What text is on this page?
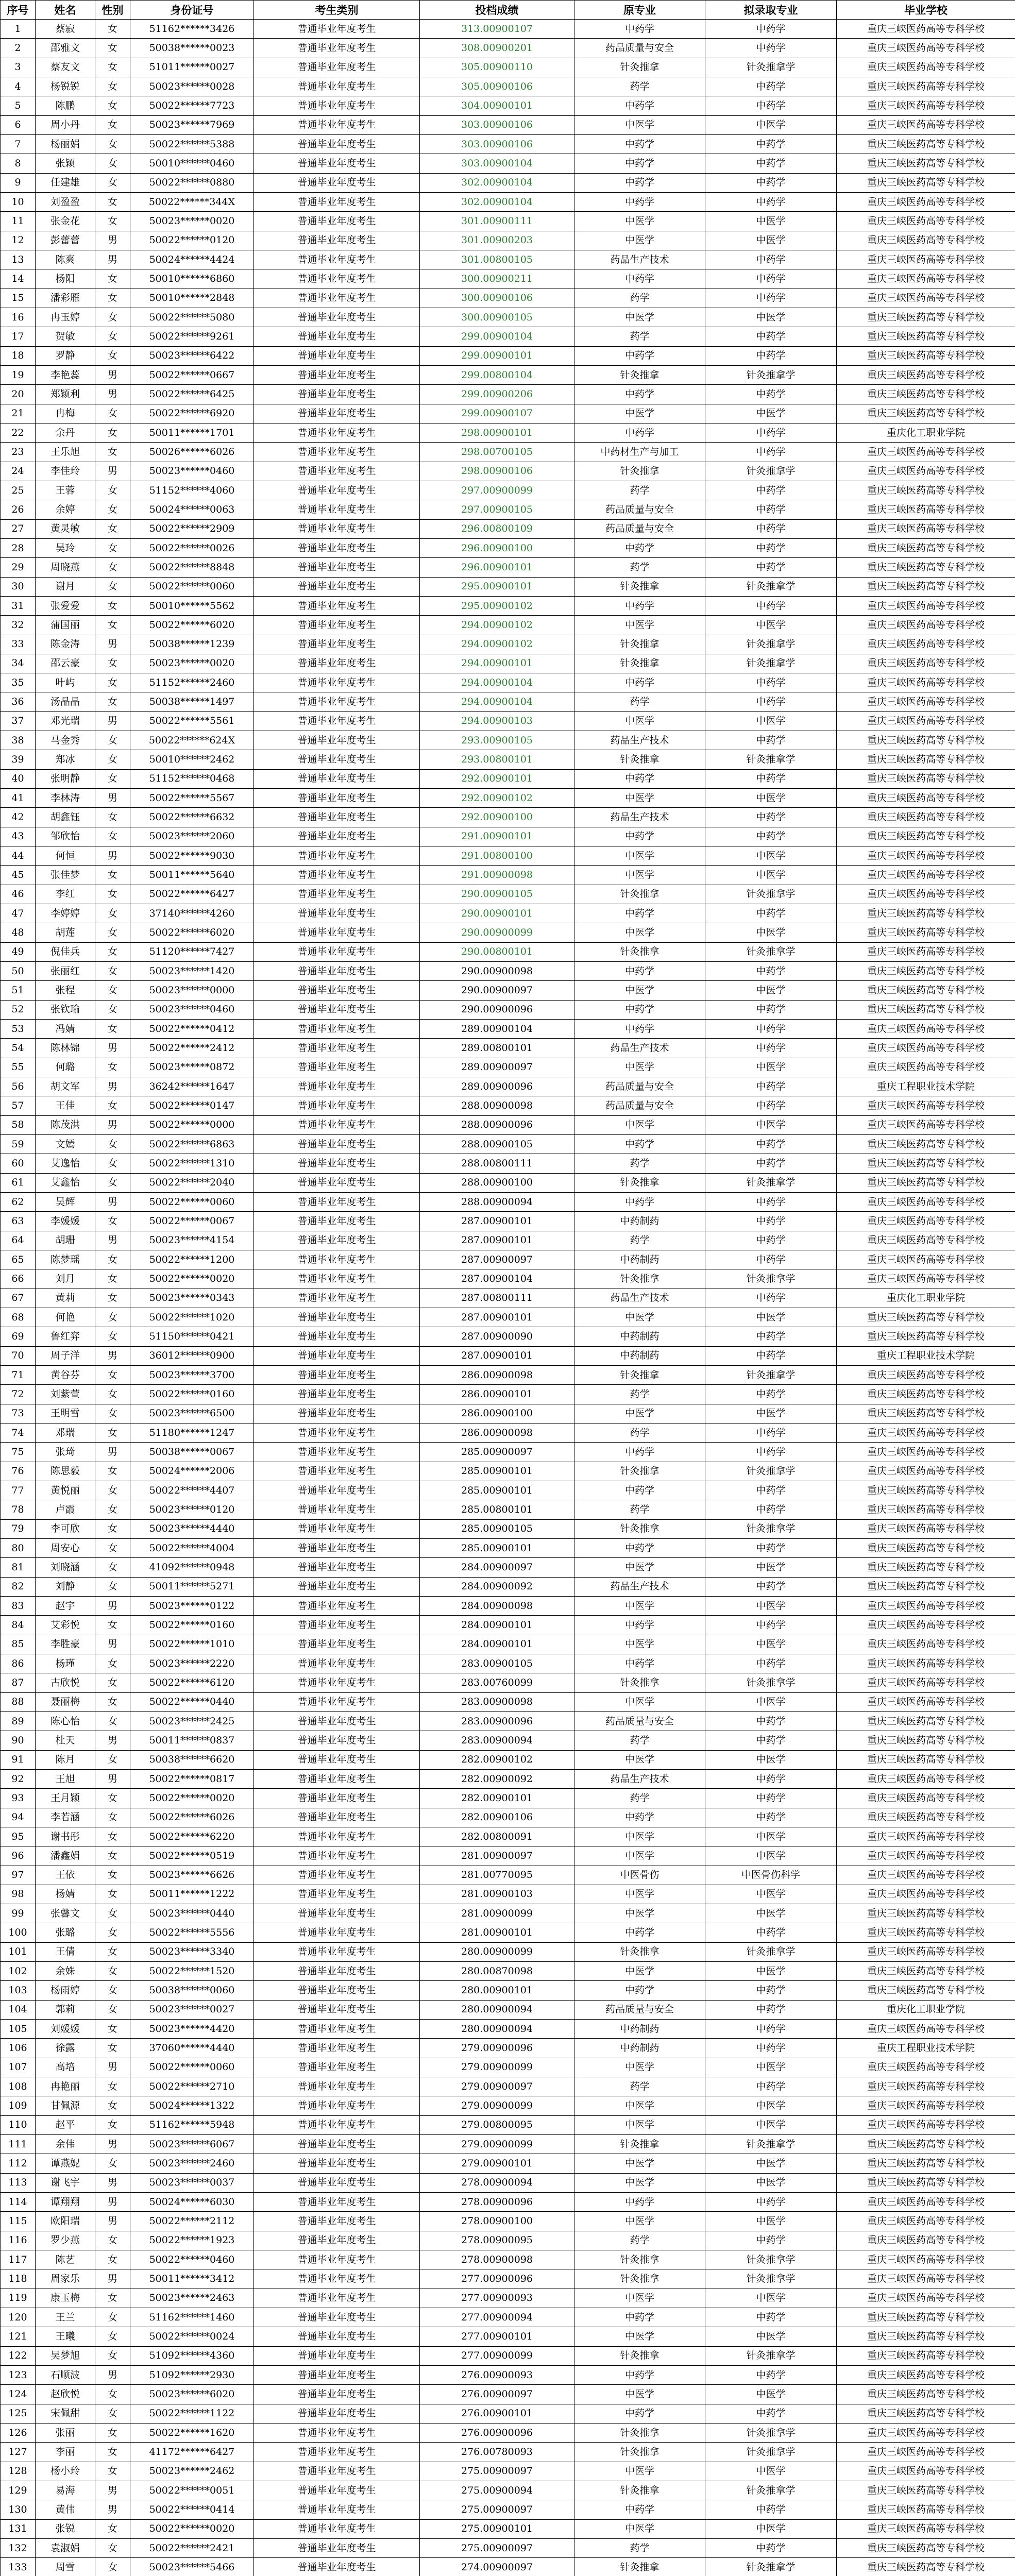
序号	姓名	性别	身份证号	考生类别	投档成绩	原专业	拟录取专业	毕业学校
1	蔡寂	女	51162******3426	普通毕业年度考生	313.00900107	中药学	中药学	重庆三峡医药高等专科学校
2	邵雅文	女	50038******0023	普通毕业年度考生	308.00900201	药品质量与安全	中药学	重庆三峡医药高等专科学校
3	蔡友文	女	51011******0027	普通毕业年度考生	305.00900110	针灸推拿	针灸推拿学	重庆三峡医药高等专科学校
4	杨锐锐	女	50023******0028	普通毕业年度考生	305.00900106	药学	中药学	重庆三峡医药高等专科学校
5	陈鹏	女	50022******7723	普通毕业年度考生	304.00900101	中药学	中药学	重庆三峡医药高等专科学校
6	周小丹	女	50023******7969	普通毕业年度考生	303.00900106	中医学	中医学	重庆三峡医药高等专科学校
7	杨丽娟	女	50022******5388	普通毕业年度考生	303.00900106	中药学	中药学	重庆三峡医药高等专科学校
8	张颖	女	50010******0460	普通毕业年度考生	303.00900104	中药学	中药学	重庆三峡医药高等专科学校
9	任建雄	女	50022******0880	普通毕业年度考生	302.00900104	中药学	中药学	重庆三峡医药高等专科学校
10	刘盈盈	女	50022******344X	普通毕业年度考生	302.00900104	中药学	中药学	重庆三峡医药高等专科学校
11	张金花	女	50023******0020	普通毕业年度考生	301.00900111	中医学	中医学	重庆三峡医药高等专科学校
12	彭蕾蕾	男	50022******0120	普通毕业年度考生	301.00900203	中医学	中医学	重庆三峡医药高等专科学校
13	陈爽	男	50024******4424	普通毕业年度考生	301.00800105	药品生产技术	中药学	重庆三峡医药高等专科学校
14	杨阳	女	50010******6860	普通毕业年度考生	300.00900211	中药学	中药学	重庆三峡医药高等专科学校
15	潘彩雁	女	50010******2848	普通毕业年度考生	300.00900106	药学	中药学	重庆三峡医药高等专科学校
16	冉玉婷	女	50022******5080	普通毕业年度考生	300.00900105	中医学	中医学	重庆三峡医药高等专科学校
17	贺敏	女	50022******9261	普通毕业年度考生	299.00900104	药学	中药学	重庆三峡医药高等专科学校
18	罗静	女	50023******6422	普通毕业年度考生	299.00900101	中药学	中药学	重庆三峡医药高等专科学校
19	李艳蕊	男	50022******0667	普通毕业年度考生	299.00800104	针灸推拿	针灸推拿学	重庆三峡医药高等专科学校
20	郑颖利	男	50022******6425	普通毕业年度考生	299.00900206	中药学	中药学	重庆三峡医药高等专科学校
21	冉梅	女	50022******6920	普通毕业年度考生	299.00900107	中医学	中医学	重庆三峡医药高等专科学校
22	余丹	女	50011******1701	普通毕业年度考生	298.00900101	中药学	中药学	重庆化工职业学院
23	王乐旭	女	50026******6026	普通毕业年度考生	298.00700105	中药材生产与加工	中药学	重庆三峡医药高等专科学校
24	李佳玲	男	50023******0460	普通毕业年度考生	298.00900106	针灸推拿	针灸推拿学	重庆三峡医药高等专科学校
25	王蓉	女	51152******4060	普通毕业年度考生	297.00900099	药学	中药学	重庆三峡医药高等专科学校
26	余婷	女	50024******0063	普通毕业年度考生	297.00900105	药品质量与安全	中药学	重庆三峡医药高等专科学校
27	黄灵敏	女	50022******2909	普通毕业年度考生	296.00800109	药品质量与安全	中药学	重庆三峡医药高等专科学校
28	吴玲	女	50022******0026	普通毕业年度考生	296.00900100	中药学	中药学	重庆三峡医药高等专科学校
29	周晓燕	女	50022******8848	普通毕业年度考生	296.00900101	药学	中药学	重庆三峡医药高等专科学校
30	谢月	女	50022******0060	普通毕业年度考生	295.00900101	针灸推拿	针灸推拿学	重庆三峡医药高等专科学校
31	张爱爱	女	50010******5562	普通毕业年度考生	295.00900102	中药学	中药学	重庆三峡医药高等专科学校
32	蒲国丽	女	50022******6020	普通毕业年度考生	294.00900102	中医学	中医学	重庆三峡医药高等专科学校
33	陈金涛	男	50038******1239	普通毕业年度考生	294.00900102	针灸推拿	针灸推拿学	重庆三峡医药高等专科学校
34	邵云豪	女	50023******0020	普通毕业年度考生	294.00900101	针灸推拿	针灸推拿学	重庆三峡医药高等专科学校
35	叶屿	女	51152******2460	普通毕业年度考生	294.00900104	中药学	中药学	重庆三峡医药高等专科学校
36	汤晶晶	女	50038******1497	普通毕业年度考生	294.00900104	药学	中药学	重庆三峡医药高等专科学校
37	邓光瑞	男	50022******5561	普通毕业年度考生	294.00900103	中医学	中医学	重庆三峡医药高等专科学校
38	马金秀	女	50022******624X	普通毕业年度考生	293.00900105	药品生产技术	中药学	重庆三峡医药高等专科学校
39	郑冰	女	50010******2462	普通毕业年度考生	293.00800101	针灸推拿	针灸推拿学	重庆三峡医药高等专科学校
40	张明静	女	51152******0468	普通毕业年度考生	292.00900101	中药学	中药学	重庆三峡医药高等专科学校
41	李林涛	男	50022******5567	普通毕业年度考生	292.00900102	中医学	中医学	重庆三峡医药高等专科学校
42	胡鑫钰	女	50022******6632	普通毕业年度考生	292.00900100	药品生产技术	中药学	重庆三峡医药高等专科学校
43	邹欣怡	女	50023******2060	普通毕业年度考生	291.00900101	中药学	中药学	重庆三峡医药高等专科学校
44	何恒	男	50022******9030	普通毕业年度考生	291.00800100	中医学	中医学	重庆三峡医药高等专科学校
45	张佳梦	女	50011******5640	普通毕业年度考生	291.00900098	中医学	中医学	重庆三峡医药高等专科学校
46	李红	女	50022******6427	普通毕业年度考生	290.00900105	针灸推拿	针灸推拿学	重庆三峡医药高等专科学校
47	李婷婷	女	37140******4260	普通毕业年度考生	290.00900101	中药学	中药学	重庆三峡医药高等专科学校
48	胡莲	女	50022******6020	普通毕业年度考生	290.00900099	中医学	中医学	重庆三峡医药高等专科学校
49	倪佳兵	女	51120******7427	普通毕业年度考生	290.00800101	针灸推拿	针灸推拿学	重庆三峡医药高等专科学校
50	张丽红	女	50023******1420	普通毕业年度考生	290.00900098	中药学	中药学	重庆三峡医药高等专科学校
51	张程	女	50023******0000	普通毕业年度考生	290.00900097	中医学	中医学	重庆三峡医药高等专科学校
52	张钦瑜	女	50023******0460	普通毕业年度考生	290.00900096	中药学	中药学	重庆三峡医药高等专科学校
53	冯婧	女	50022******0412	普通毕业年度考生	289.00900104	中药学	中药学	重庆三峡医药高等专科学校
54	陈林锦	男	50022******2412	普通毕业年度考生	289.00800101	药品生产技术	中药学	重庆三峡医药高等专科学校
55	何璐	女	50023******0872	普通毕业年度考生	289.00900097	中医学	中医学	重庆三峡医药高等专科学校
56	胡文军	男	36242******1647	普通毕业年度考生	289.00900096	药品质量与安全	中药学	重庆工程职业技术学院
57	王佳	女	50022******0147	普通毕业年度考生	288.00900098	药品质量与安全	中药学	重庆三峡医药高等专科学校
58	陈茂洪	男	50022******0000	普通毕业年度考生	288.00900096	中医学	中医学	重庆三峡医药高等专科学校
59	文嫣	女	50022******6863	普通毕业年度考生	288.00900105	中药学	中药学	重庆三峡医药高等专科学校
60	艾逸怡	女	50022******1310	普通毕业年度考生	288.00800111	药学	中药学	重庆三峡医药高等专科学校
61	艾鑫怡	女	50022******2040	普通毕业年度考生	288.00900100	针灸推拿	针灸推拿学	重庆三峡医药高等专科学校
62	吴辉	男	50022******0060	普通毕业年度考生	288.00900094	中药学	中药学	重庆三峡医药高等专科学校
63	李媛媛	女	50022******0067	普通毕业年度考生	287.00900101	中药制药	中药学	重庆三峡医药高等专科学校
64	胡珊	男	50023******4154	普通毕业年度考生	287.00900101	药学	中药学	重庆三峡医药高等专科学校
65	陈梦瑶	女	50022******1200	普通毕业年度考生	287.00900097	中药制药	中药学	重庆三峡医药高等专科学校
66	刘月	女	50022******0020	普通毕业年度考生	287.00900104	针灸推拿	针灸推拿学	重庆三峡医药高等专科学校
67	黄莉	女	50023******0343	普通毕业年度考生	287.00800111	药品生产技术	中药学	重庆化工职业学院
68	何艳	女	50022******1020	普通毕业年度考生	287.00900101	中医学	中医学	重庆三峡医药高等专科学校
69	鲁红弈	女	51150******0421	普通毕业年度考生	287.00900090	中药制药	中药学	重庆三峡医药高等专科学校
70	周子洋	男	36012******0900	普通毕业年度考生	287.00900101	中药制药	中药学	重庆工程职业技术学院
71	黄谷芬	女	50023******3700	普通毕业年度考生	286.00900098	针灸推拿	针灸推拿学	重庆三峡医药高等专科学校
72	刘紫萱	女	50022******0160	普通毕业年度考生	286.00900101	药学	中药学	重庆三峡医药高等专科学校
73	王明雪	女	50023******6500	普通毕业年度考生	286.00900100	中医学	中医学	重庆三峡医药高等专科学校
74	邓瑞	女	51180******1247	普通毕业年度考生	286.00900098	药学	中药学	重庆三峡医药高等专科学校
75	张琦	男	50038******0067	普通毕业年度考生	285.00900097	中药学	中药学	重庆三峡医药高等专科学校
76	陈思毅	女	50024******2006	普通毕业年度考生	285.00900101	针灸推拿	针灸推拿学	重庆三峡医药高等专科学校
77	黄悦丽	女	50022******4407	普通毕业年度考生	285.00900101	中药学	中药学	重庆三峡医药高等专科学校
78	卢霞	女	50023******0120	普通毕业年度考生	285.00800101	药学	中药学	重庆三峡医药高等专科学校
79	李可欣	女	50023******4440	普通毕业年度考生	285.00900105	针灸推拿	针灸推拿学	重庆三峡医药高等专科学校
80	周安心	女	50022******4004	普通毕业年度考生	285.00900101	中药学	中药学	重庆三峡医药高等专科学校
81	刘晓涵	女	41092******0948	普通毕业年度考生	284.00900097	中医学	中医学	重庆三峡医药高等专科学校
82	刘静	女	50011******5271	普通毕业年度考生	284.00900092	药品生产技术	中药学	重庆三峡医药高等专科学校
83	赵宇	男	50023******0122	普通毕业年度考生	284.00900098	中医学	中医学	重庆三峡医药高等专科学校
84	艾彩悦	女	50022******0160	普通毕业年度考生	284.00900101	中药学	中药学	重庆三峡医药高等专科学校
85	李胜豪	男	50022******1010	普通毕业年度考生	284.00900101	中医学	中医学	重庆三峡医药高等专科学校
86	杨瑾	女	50023******2220	普通毕业年度考生	283.00900105	中药学	中药学	重庆三峡医药高等专科学校
87	古欣悦	女	50022******6120	普通毕业年度考生	283.00760099	针灸推拿	针灸推拿学	重庆三峡医药高等专科学校
88	聂丽梅	女	50022******0440	普通毕业年度考生	283.00900098	中医学	中医学	重庆三峡医药高等专科学校
89	陈心怡	女	50023******2425	普通毕业年度考生	283.00900096	药品质量与安全	中药学	重庆三峡医药高等专科学校
90	杜天	男	50011******0837	普通毕业年度考生	283.00900094	药学	中药学	重庆三峡医药高等专科学校
91	陈月	女	50038******6620	普通毕业年度考生	282.00900102	中医学	中医学	重庆三峡医药高等专科学校
92	王旭	男	50022******0817	普通毕业年度考生	282.00900092	药品生产技术	中药学	重庆三峡医药高等专科学校
93	王月颖	女	50022******0020	普通毕业年度考生	282.00900101	药学	中药学	重庆三峡医药高等专科学校
94	李若涵	女	50022******6026	普通毕业年度考生	282.00900106	中药学	中药学	重庆三峡医药高等专科学校
95	谢书彤	女	50022******6220	普通毕业年度考生	282.00800091	中医学	中医学	重庆三峡医药高等专科学校
96	潘鑫娟	女	50022******0519	普通毕业年度考生	281.00900097	中医学	中医学	重庆三峡医药高等专科学校
97	王依	女	50023******6626	普通毕业年度考生	281.00770095	中医骨伤	中医骨伤科学	重庆三峡医药高等专科学校
98	杨婧	女	50011******1222	普通毕业年度考生	281.00900103	中医学	中医学	重庆三峡医药高等专科学校
99	张馨文	女	50023******0440	普通毕业年度考生	281.00900099	中医学	中医学	重庆三峡医药高等专科学校
100	张璐	女	50022******5556	普通毕业年度考生	281.00900101	中药学	中药学	重庆三峡医药高等专科学校
101	王倩	女	50023******3340	普通毕业年度考生	280.00900099	针灸推拿	针灸推拿学	重庆三峡医药高等专科学校
102	余姝	女	50022******1520	普通毕业年度考生	280.00870098	中医学	中医学	重庆三峡医药高等专科学校
103	杨雨婷	女	50038******0060	普通毕业年度考生	280.00900101	中药学	中药学	重庆三峡医药高等专科学校
104	郭莉	女	50023******0027	普通毕业年度考生	280.00900094	药品质量与安全	中药学	重庆化工职业学院
105	刘媛媛	女	50023******4420	普通毕业年度考生	280.00900094	中药制药	中药学	重庆三峡医药高等专科学校
106	徐露	女	37060******4440	普通毕业年度考生	279.00900096	中药制药	中药学	重庆工程职业技术学院
107	高培	男	50022******0060	普通毕业年度考生	279.00900099	中医学	中医学	重庆三峡医药高等专科学校
108	冉艳丽	女	50022******2710	普通毕业年度考生	279.00900097	药学	中药学	重庆三峡医药高等专科学校
109	甘佩源	女	50024******1322	普通毕业年度考生	279.00900099	中医学	中医学	重庆三峡医药高等专科学校
110	赵平	女	51162******5948	普通毕业年度考生	279.00800095	中医学	中医学	重庆三峡医药高等专科学校
111	余伟	男	50023******6067	普通毕业年度考生	279.00900099	针灸推拿	针灸推拿学	重庆三峡医药高等专科学校
112	谭燕妮	女	50023******2460	普通毕业年度考生	279.00900101	中医学	中医学	重庆三峡医药高等专科学校
113	谢飞宇	男	50023******0037	普通毕业年度考生	278.00900094	中医学	中医学	重庆三峡医药高等专科学校
114	谭翔翔	男	50024******6030	普通毕业年度考生	278.00900096	中药学	中药学	重庆三峡医药高等专科学校
115	欧阳瑞	男	50022******2112	普通毕业年度考生	278.00900100	中医学	中医学	重庆三峡医药高等专科学校
116	罗少燕	女	50022******1923	普通毕业年度考生	278.00900095	药学	中药学	重庆三峡医药高等专科学校
117	陈艺	女	50022******0460	普通毕业年度考生	278.00900098	针灸推拿	针灸推拿学	重庆三峡医药高等专科学校
118	周家乐	男	50011******3412	普通毕业年度考生	277.00900096	针灸推拿	针灸推拿学	重庆三峡医药高等专科学校
119	康玉梅	女	50023******2463	普通毕业年度考生	277.00900093	中医学	中医学	重庆三峡医药高等专科学校
120	王兰	女	51162******1460	普通毕业年度考生	277.00900094	中药学	中药学	重庆三峡医药高等专科学校
121	王曦	女	50022******0024	普通毕业年度考生	277.00900101	中医学	中医学	重庆三峡医药高等专科学校
122	吴梦旭	女	51092******4360	普通毕业年度考生	277.00900099	针灸推拿	针灸推拿学	重庆三峡医药高等专科学校
123	石顺波	男	51092******2930	普通毕业年度考生	276.00900093	中药学	中药学	重庆三峡医药高等专科学校
124	赵欣悦	女	50023******6020	普通毕业年度考生	276.00900097	中医学	中医学	重庆三峡医药高等专科学校
125	宋佩甜	女	50022******1122	普通毕业年度考生	276.00900101	中药学	中药学	重庆三峡医药高等专科学校
126	张丽	女	50022******1620	普通毕业年度考生	276.00900096	针灸推拿	针灸推拿学	重庆三峡医药高等专科学校
127	李丽	女	41172******6427	普通毕业年度考生	276.00780093	针灸推拿	针灸推拿学	重庆三峡医药高等专科学校
128	杨小玲	女	50023******2462	普通毕业年度考生	275.00900097	中医学	中医学	重庆三峡医药高等专科学校
129	易海	男	50022******0051	普通毕业年度考生	275.00900094	针灸推拿	针灸推拿学	重庆三峡医药高等专科学校
130	黄伟	男	50022******0414	普通毕业年度考生	275.00900097	中药学	中药学	重庆三峡医药高等专科学校
131	张锐	女	50022******0020	普通毕业年度考生	275.00900101	中医学	中医学	重庆三峡医药高等专科学校
132	袁淑娟	女	50022******2421	普通毕业年度考生	275.00900097	药学	中药学	重庆三峡医药高等专科学校
133	周雪	女	50023******5466	普通毕业年度考生	274.00900097	针灸推拿	针灸推拿学	重庆三峡医药高等专科学校
